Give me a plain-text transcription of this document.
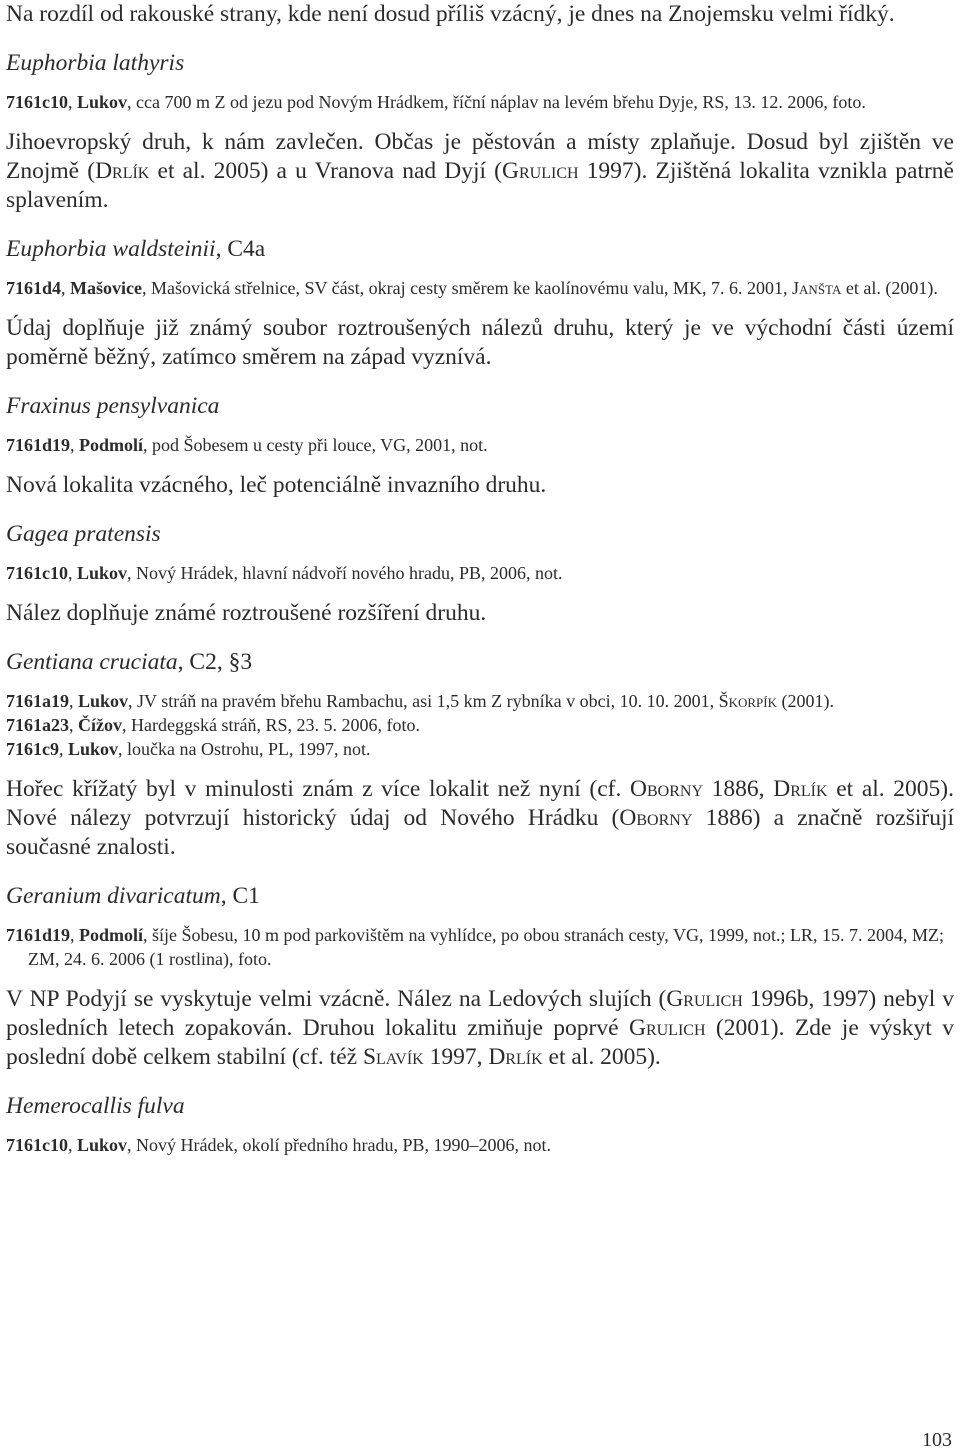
Na rozdíl od rakouské strany, kde není dosud příliš vzácný, je dnes na Znojemsku velmi řídký.

Euphorbia lathyris

7161c10, Lukov, cca 700 m Z od jezu pod Novým Hrádkem, říční náplav na levém břehu Dyje, RS, 13. 12. 2006, foto.

Jihoevropský druh, k nám zavlečen. Občas je pěstován a místy zplaňuje. Dosud byl zjištěn ve Znojmě (Drlík et al. 2005) a u Vranova nad Dyjí (Grulich 1997). Zjištěná lokalita vznikla patrně splavením.

Euphorbia waldsteinii, C4a

7161d4, Mašovice, Mašovická střelnice, SV část, okraj cesty směrem ke kaolínovému valu, MK, 7. 6. 2001, Janšta et al. (2001).

Údaj doplňuje již známý soubor roztroušených nálezů druhu, který je ve východní části území poměrně běžný, zatímco směrem na západ vyznívá.

Fraxinus pensylvanica

7161d19, Podmolí, pod Šobesem u cesty při louce, VG, 2001, not.

Nová lokalita vzácného, leč potenciálně invazního druhu.

Gagea pratensis

7161c10, Lukov, Nový Hrádek, hlavní nádvoří nového hradu, PB, 2006, not.

Nález doplňuje známé roztroušené rozšíření druhu.

Gentiana cruciata, C2, §3

7161a19, Lukov, JV stráň na pravém břehu Rambachu, asi 1,5 km Z rybníka v obci, 10. 10. 2001, Škorpík (2001).

7161a23, Čížov, Hardeggská stráň, RS, 23. 5. 2006, foto.

7161c9, Lukov, loučka na Ostrohu, PL, 1997, not.

Hořec křížatý byl v minulosti znám z více lokalit než nyní (cf. Oborny 1886, Drlík et al. 2005). Nové nálezy potvrzují historický údaj od Nového Hrádku (Oborny 1886) a značně rozšiřují současné znalosti.

Geranium divaricatum, C1

7161d19, Podmolí, šíje Šobesu, 10 m pod parkovištěm na vyhlídce, po obou stranách cesty, VG, 1999, not.; LR, 15. 7. 2004, MZ; ZM, 24. 6. 2006 (1 rostlina), foto.

V NP Podyjí se vyskytuje velmi vzácně. Nález na Ledových slujích (Grulich 1996b, 1997) nebyl v posledních letech zopakován. Druhou lokalitu zmiňuje poprvé Grulich (2001). Zde je výskyt v poslední době celkem stabilní (cf. též Slavík 1997, Drlík et al. 2005).

Hemerocallis fulva

7161c10, Lukov, Nový Hrádek, okolí předního hradu, PB, 1990–2006, not.

103
